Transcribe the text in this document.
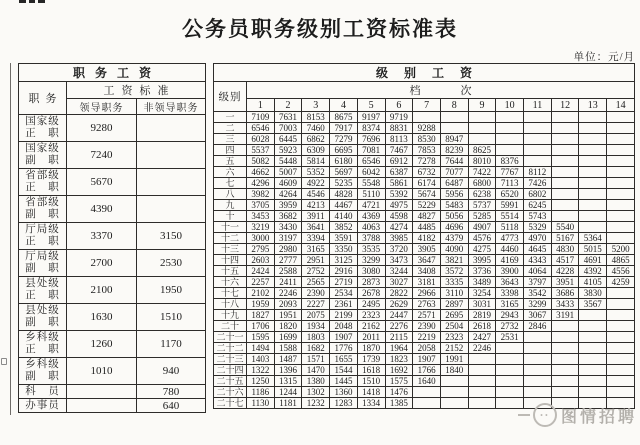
公务员职务级别工资标准表
单位：元/月
职务工资		
职务	工资标准	
	领导职务	非领导职务

国家级
正　职	9280	

国家级
副　职	7240	

省部级
正　职	5670	

省部级
副　职	4390	

厅局级
正　职	3370	3150

厅局级
副　职	2700	2530

县处级
正　职	2100	1950

县处级
副　职	1630	1510

乡科级
正　职	1260	1170

乡科级
副　职	1010	940

科　员		780

办事员		640
级别工资														
级别	档次													
	1	2	3	4	5	6	7	8	9	10	11	12	13	14
一	7109	7631	8153	8675	9197	9719								
二	6546	7003	7460	7917	8374	8831	9288							
三	6028	6445	6862	7279	7696	8113	8530	8947						
四	5537	5923	6309	6695	7081	7467	7853	8239	8625					
五	5082	5448	5814	6180	6546	6912	7278	7644	8010	8376				
六	4662	5007	5352	5697	6042	6387	6732	7077	7422	7767	8112			
七	4296	4609	4922	5235	5548	5861	6174	6487	6800	7113	7426			
八	3982	4264	4546	4828	5110	5392	5674	5956	6238	6520	6802			
九	3705	3959	4213	4467	4721	4975	5229	5483	5737	5991	6245			
十	3453	3682	3911	4140	4369	4598	4827	5056	5285	5514	5743			
十一	3219	3430	3641	3852	4063	4274	4485	4696	4907	5118	5329	5540		
十二	3000	3197	3394	3591	3788	3985	4182	4379	4576	4773	4970	5167	5364	
十三	2795	2980	3165	3350	3535	3720	3905	4090	4275	4460	4645	4830	5015	5200
十四	2603	2777	2951	3125	3299	3473	3647	3821	3995	4169	4343	4517	4691	4865
十五	2424	2588	2752	2916	3080	3244	3408	3572	3736	3900	4064	4228	4392	4556
十六	2257	2411	2565	2719	2873	3027	3181	3335	3489	3643	3797	3951	4105	4259
十七	2102	2246	2390	2534	2678	2822	2966	3110	3254	3398	3542	3686	3830	
十八	1959	2093	2227	2361	2495	2629	2763	2897	3031	3165	3299	3433	3567	
十九	1827	1951	2075	2199	2323	2447	2571	2695	2819	2943	3067	3191		
二十	1706	1820	1934	2048	2162	2276	2390	2504	2618	2732	2846			
二十一	1595	1699	1803	1907	2011	2115	2219	2323	2427	2531				
二十二	1494	1588	1682	1776	1870	1964	2058	2152	2246					
二十三	1403	1487	1571	1655	1739	1823	1907	1991						
二十四	1322	1396	1470	1544	1618	1692	1766	1840						
二十五	1250	1315	1380	1445	1510	1575	1640							
二十六	1186	1244	1302	1360	1418	1476								
二十七	1130	1181	1232	1283	1334	1385								
•• 图情招聘
